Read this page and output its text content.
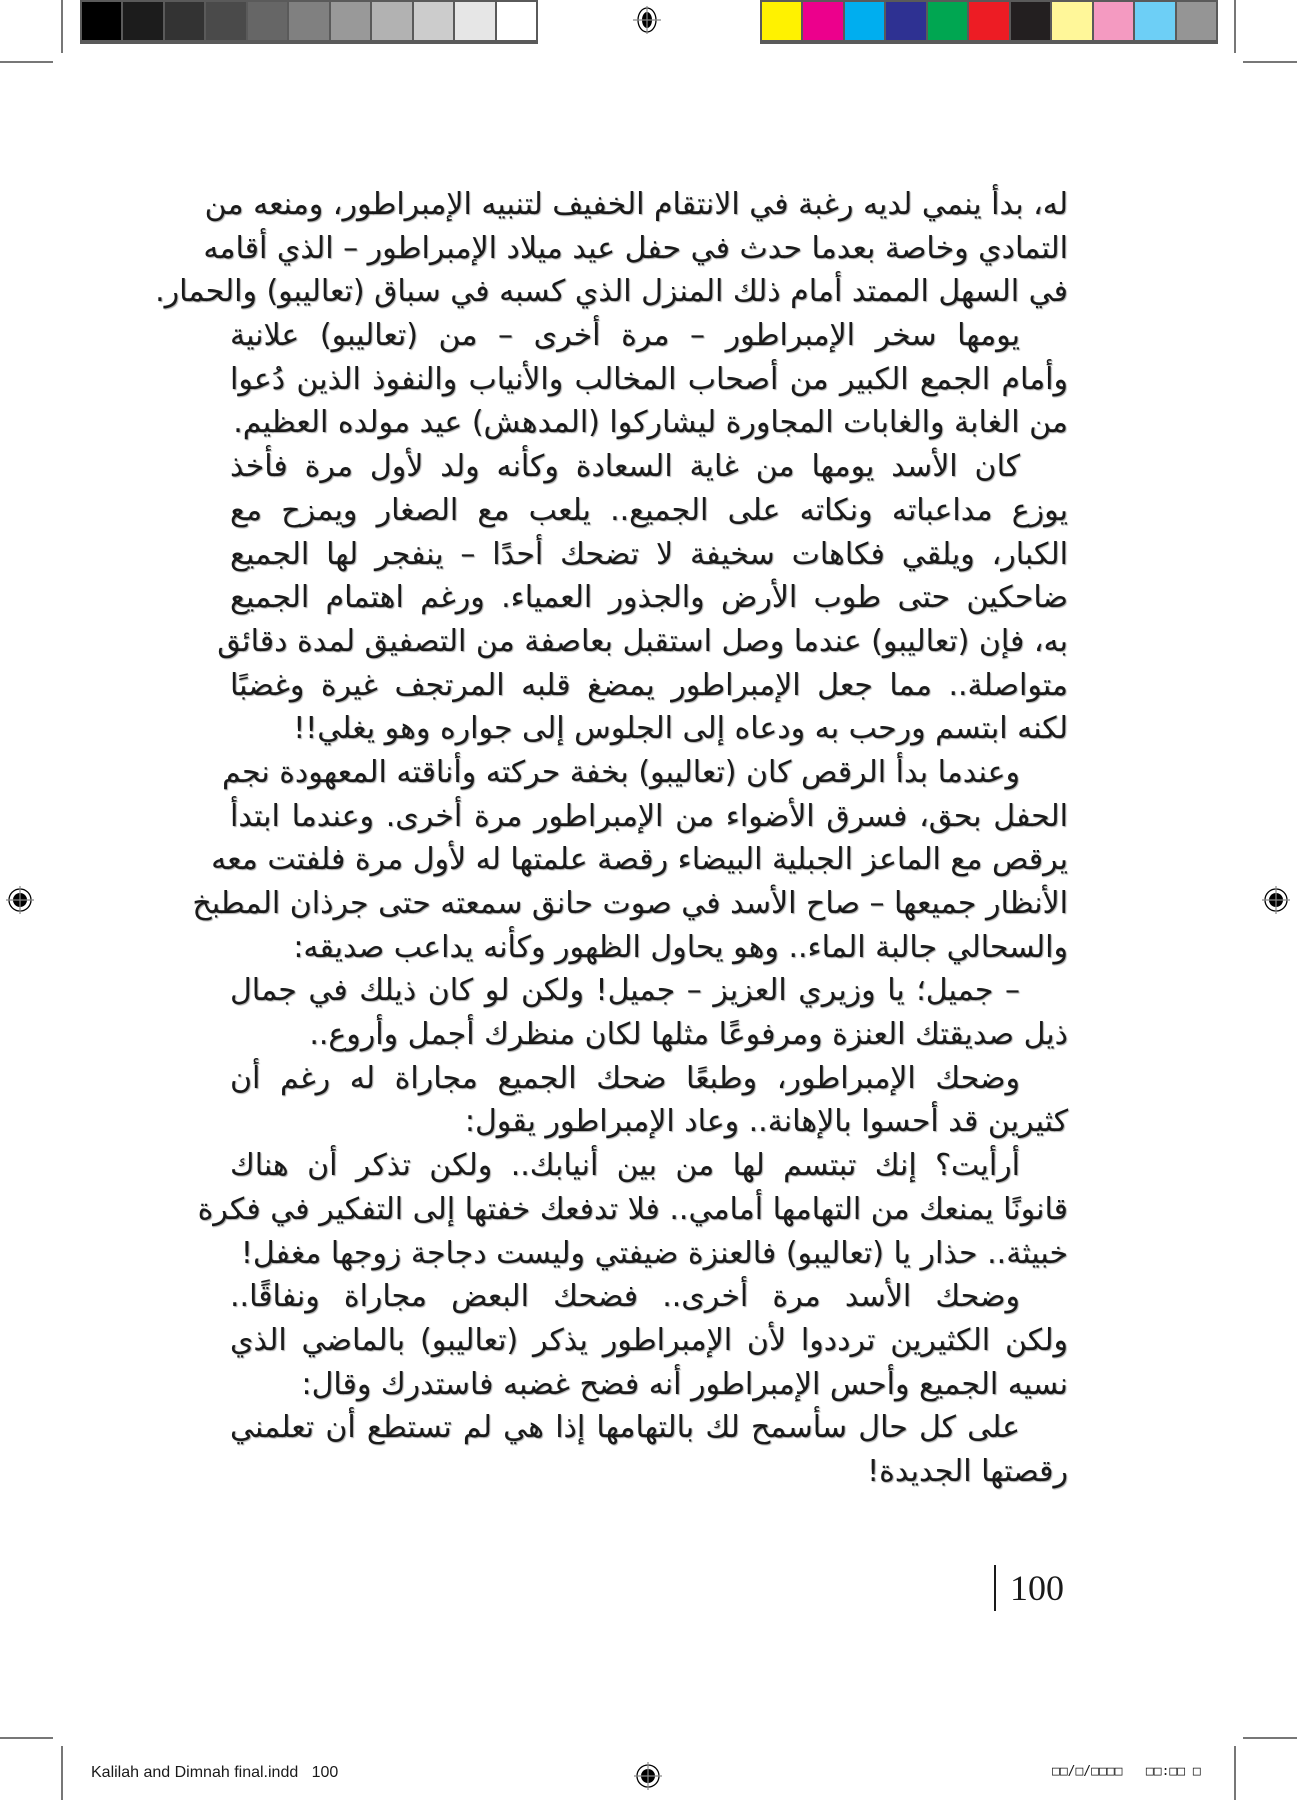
له، بدأ ينمي لديه رغبة في الانتقام الخفيف لتنبيه الإمبراطور، ومنعه من
التمادي وخاصة بعدما حدث في حفل عيد ميلاد الإمبراطور – الذي أقامه
في السهل الممتد أمام ذلك المنزل الذي كسبه في سباق (تعاليبو) والحمار.
يومها سخر الإمبراطور – مرة أخرى – من (تعاليبو) علانية
وأمام الجمع الكبير من أصحاب المخالب والأنياب والنفوذ الذين دُعوا
من الغابة والغابات المجاورة ليشاركوا (المدهش) عيد مولده العظيم.
كان الأسد يومها من غاية السعادة وكأنه ولد لأول مرة فأخذ
يوزع مداعباته ونكاته على الجميع.. يلعب مع الصغار ويمزح مع
الكبار، ويلقي فكاهات سخيفة لا تضحك أحدًا – ينفجر لها الجميع
ضاحكين حتى طوب الأرض والجذور العمياء. ورغم اهتمام الجميع
به، فإن (تعاليبو) عندما وصل استقبل بعاصفة من التصفيق لمدة دقائق
متواصلة.. مما جعل الإمبراطور يمضغ قلبه المرتجف غيرة وغضبًا
لكنه ابتسم ورحب به ودعاه إلى الجلوس إلى جواره وهو يغلي!!
وعندما بدأ الرقص كان (تعاليبو) بخفة حركته وأناقته المعهودة نجم
الحفل بحق، فسرق الأضواء من الإمبراطور مرة أخرى. وعندما ابتدأ
يرقص مع الماعز الجبلية البيضاء رقصة علمتها له لأول مرة فلفتت معه
الأنظار جميعها – صاح الأسد في صوت حانق سمعته حتى جرذان المطبخ
والسحالي جالبة الماء.. وهو يحاول الظهور وكأنه يداعب صديقه:
– جميل؛ يا وزيري العزيز – جميل! ولكن لو كان ذيلك في جمال
ذيل صديقتك العنزة ومرفوعًا مثلها لكان منظرك أجمل وأروع..
وضحك الإمبراطور، وطبعًا ضحك الجميع مجاراة له رغم أن
كثيرين قد أحسوا بالإهانة.. وعاد الإمبراطور يقول:
أرأيت؟ إنك تبتسم لها من بين أنيابك.. ولكن تذكر أن هناك
قانونًا يمنعك من التهامها أمامي.. فلا تدفعك خفتها إلى التفكير في فكرة
خبيثة.. حذار يا (تعاليبو) فالعنزة ضيفتي وليست دجاجة زوجها مغفل!
وضحك الأسد مرة أخرى.. فضحك البعض مجاراة ونفاقًا..
ولكن الكثيرين ترددوا لأن الإمبراطور يذكر (تعاليبو) بالماضي الذي
نسيه الجميع وأحس الإمبراطور أنه فضح غضبه فاستدرك وقال:
على كل حال سأسمح لك بالتهامها إذا هي لم تستطع أن تعلمني
رقصتها الجديدة!
100
Kalilah and Dimnah final.indd   100	□□/□/□□□□   □□:□□ □
